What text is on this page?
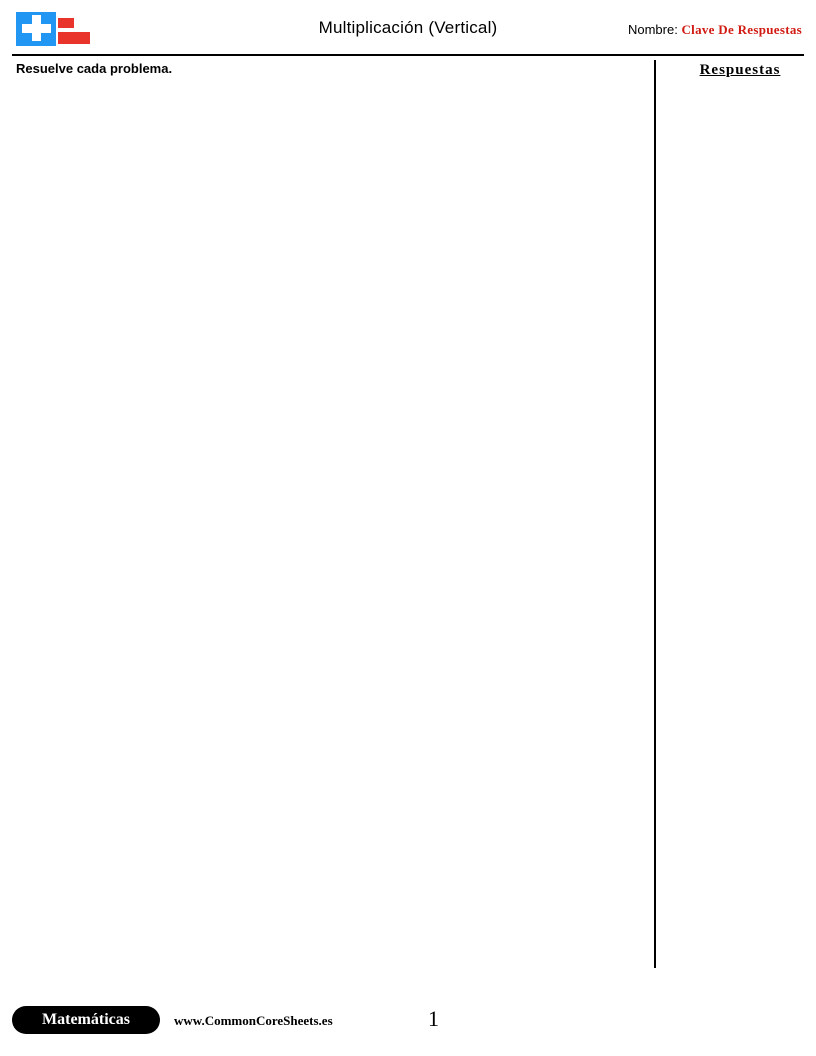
Multiplicación (Vertical)	Nombre: Clave De Respuestas
Resuelve cada problema.	Respuestas
Matemáticas	www.CommonCoreSheets.es	1
